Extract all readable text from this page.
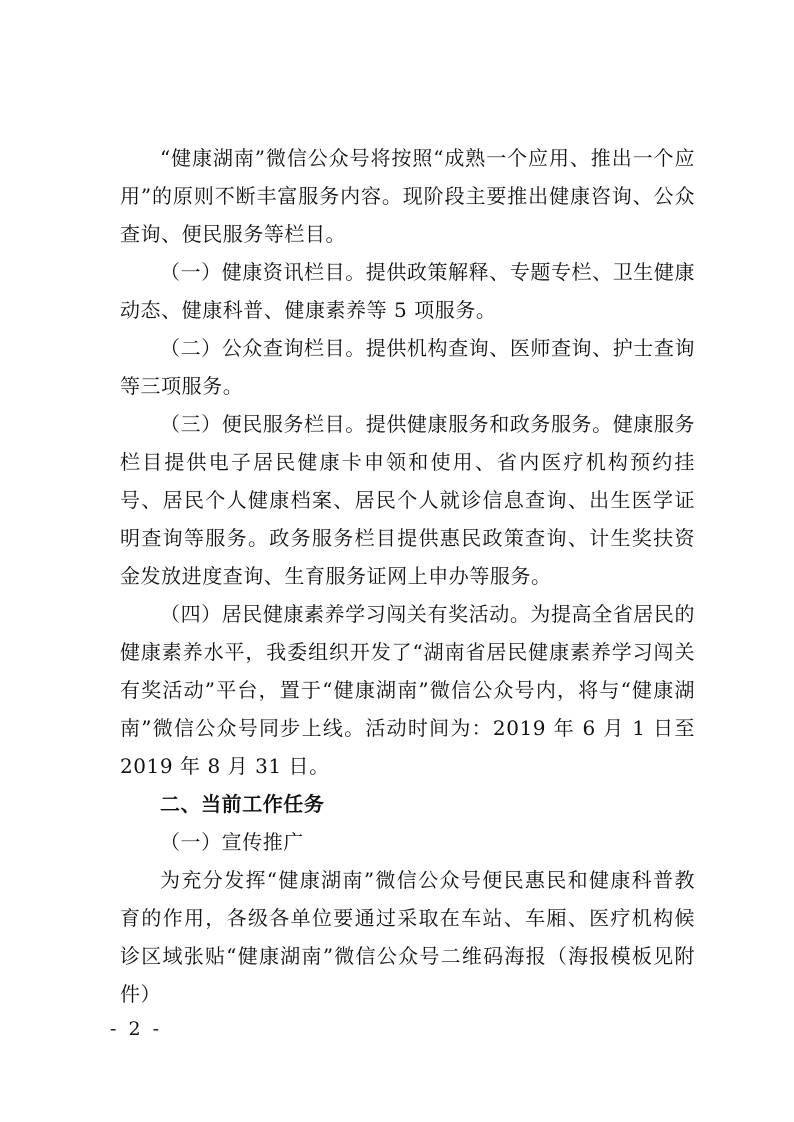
“健康湖南”微信公众号将按照“成熟一个应用、推出一个应用”的原则不断丰富服务内容。现阶段主要推出健康咨询、公众查询、便民服务等栏目。

（一）健康资讯栏目。提供政策解释、专题专栏、卫生健康动态、健康科普、健康素养等 5 项服务。

（二）公众查询栏目。提供机构查询、医师查询、护士查询等三项服务。

（三）便民服务栏目。提供健康服务和政务服务。健康服务栏目提供电子居民健康卡申领和使用、省内医疗机构预约挂号、居民个人健康档案、居民个人就诊信息查询、出生医学证明查询等服务。政务服务栏目提供惠民政策查询、计生奖扶资金发放进度查询、生育服务证网上申办等服务。

（四）居民健康素养学习闯关有奖活动。为提高全省居民的健康素养水平，我委组织开发了“湖南省居民健康素养学习闯关有奖活动”平台，置于“健康湖南”微信公众号内，将与“健康湖南”微信公众号同步上线。活动时间为：2019 年 6 月 1 日至 2019 年 8 月 31 日。

二、当前工作任务

（一）宣传推广

为充分发挥“健康湖南”微信公众号便民惠民和健康科普教育的作用，各级各单位要通过采取在车站、车厢、医疗机构候诊区域张贴“健康湖南”微信公众号二维码海报（海报模板见附件）

- 2 -
